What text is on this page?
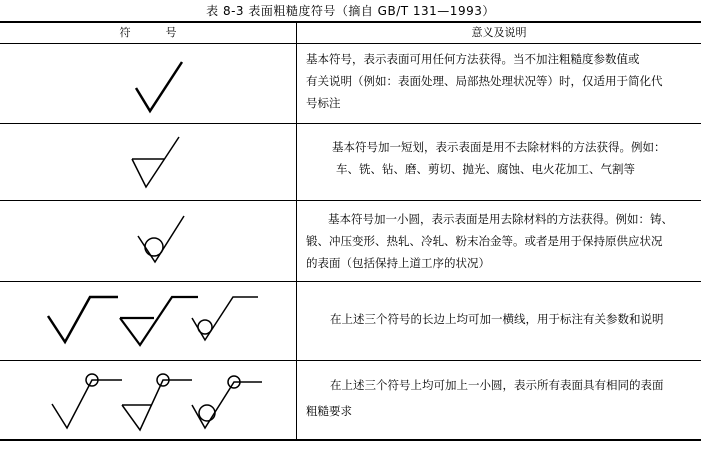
表 8-3 表面粗糙度符号（摘自 GB/T 131—1993）
符          号	意义及说明

基本符号，表示表面可用任何方法获得。当不加注粗糙度参数值或

有关说明（例如：表面处理、局部热处理状况等）时，仅适用于简化代

号标注

基本符号加一短划，表示表面是用不去除材料的方法获得。例如：

车、铣、钻、磨、剪切、抛光、腐蚀、电火花加工、气割等

基本符号加一小圆，表示表面是用去除材料的方法获得。例如：铸、

锻、冲压变形、热轧、冷轧、粉末冶金等。或者是用于保持原供应状况

的表面（包括保持上道工序的状况）

在上述三个符号的长边上均可加一横线，用于标注有关参数和说明

在上述三个符号上均可加上一小圆，表示所有表面具有相同的表面

粗糙要求
